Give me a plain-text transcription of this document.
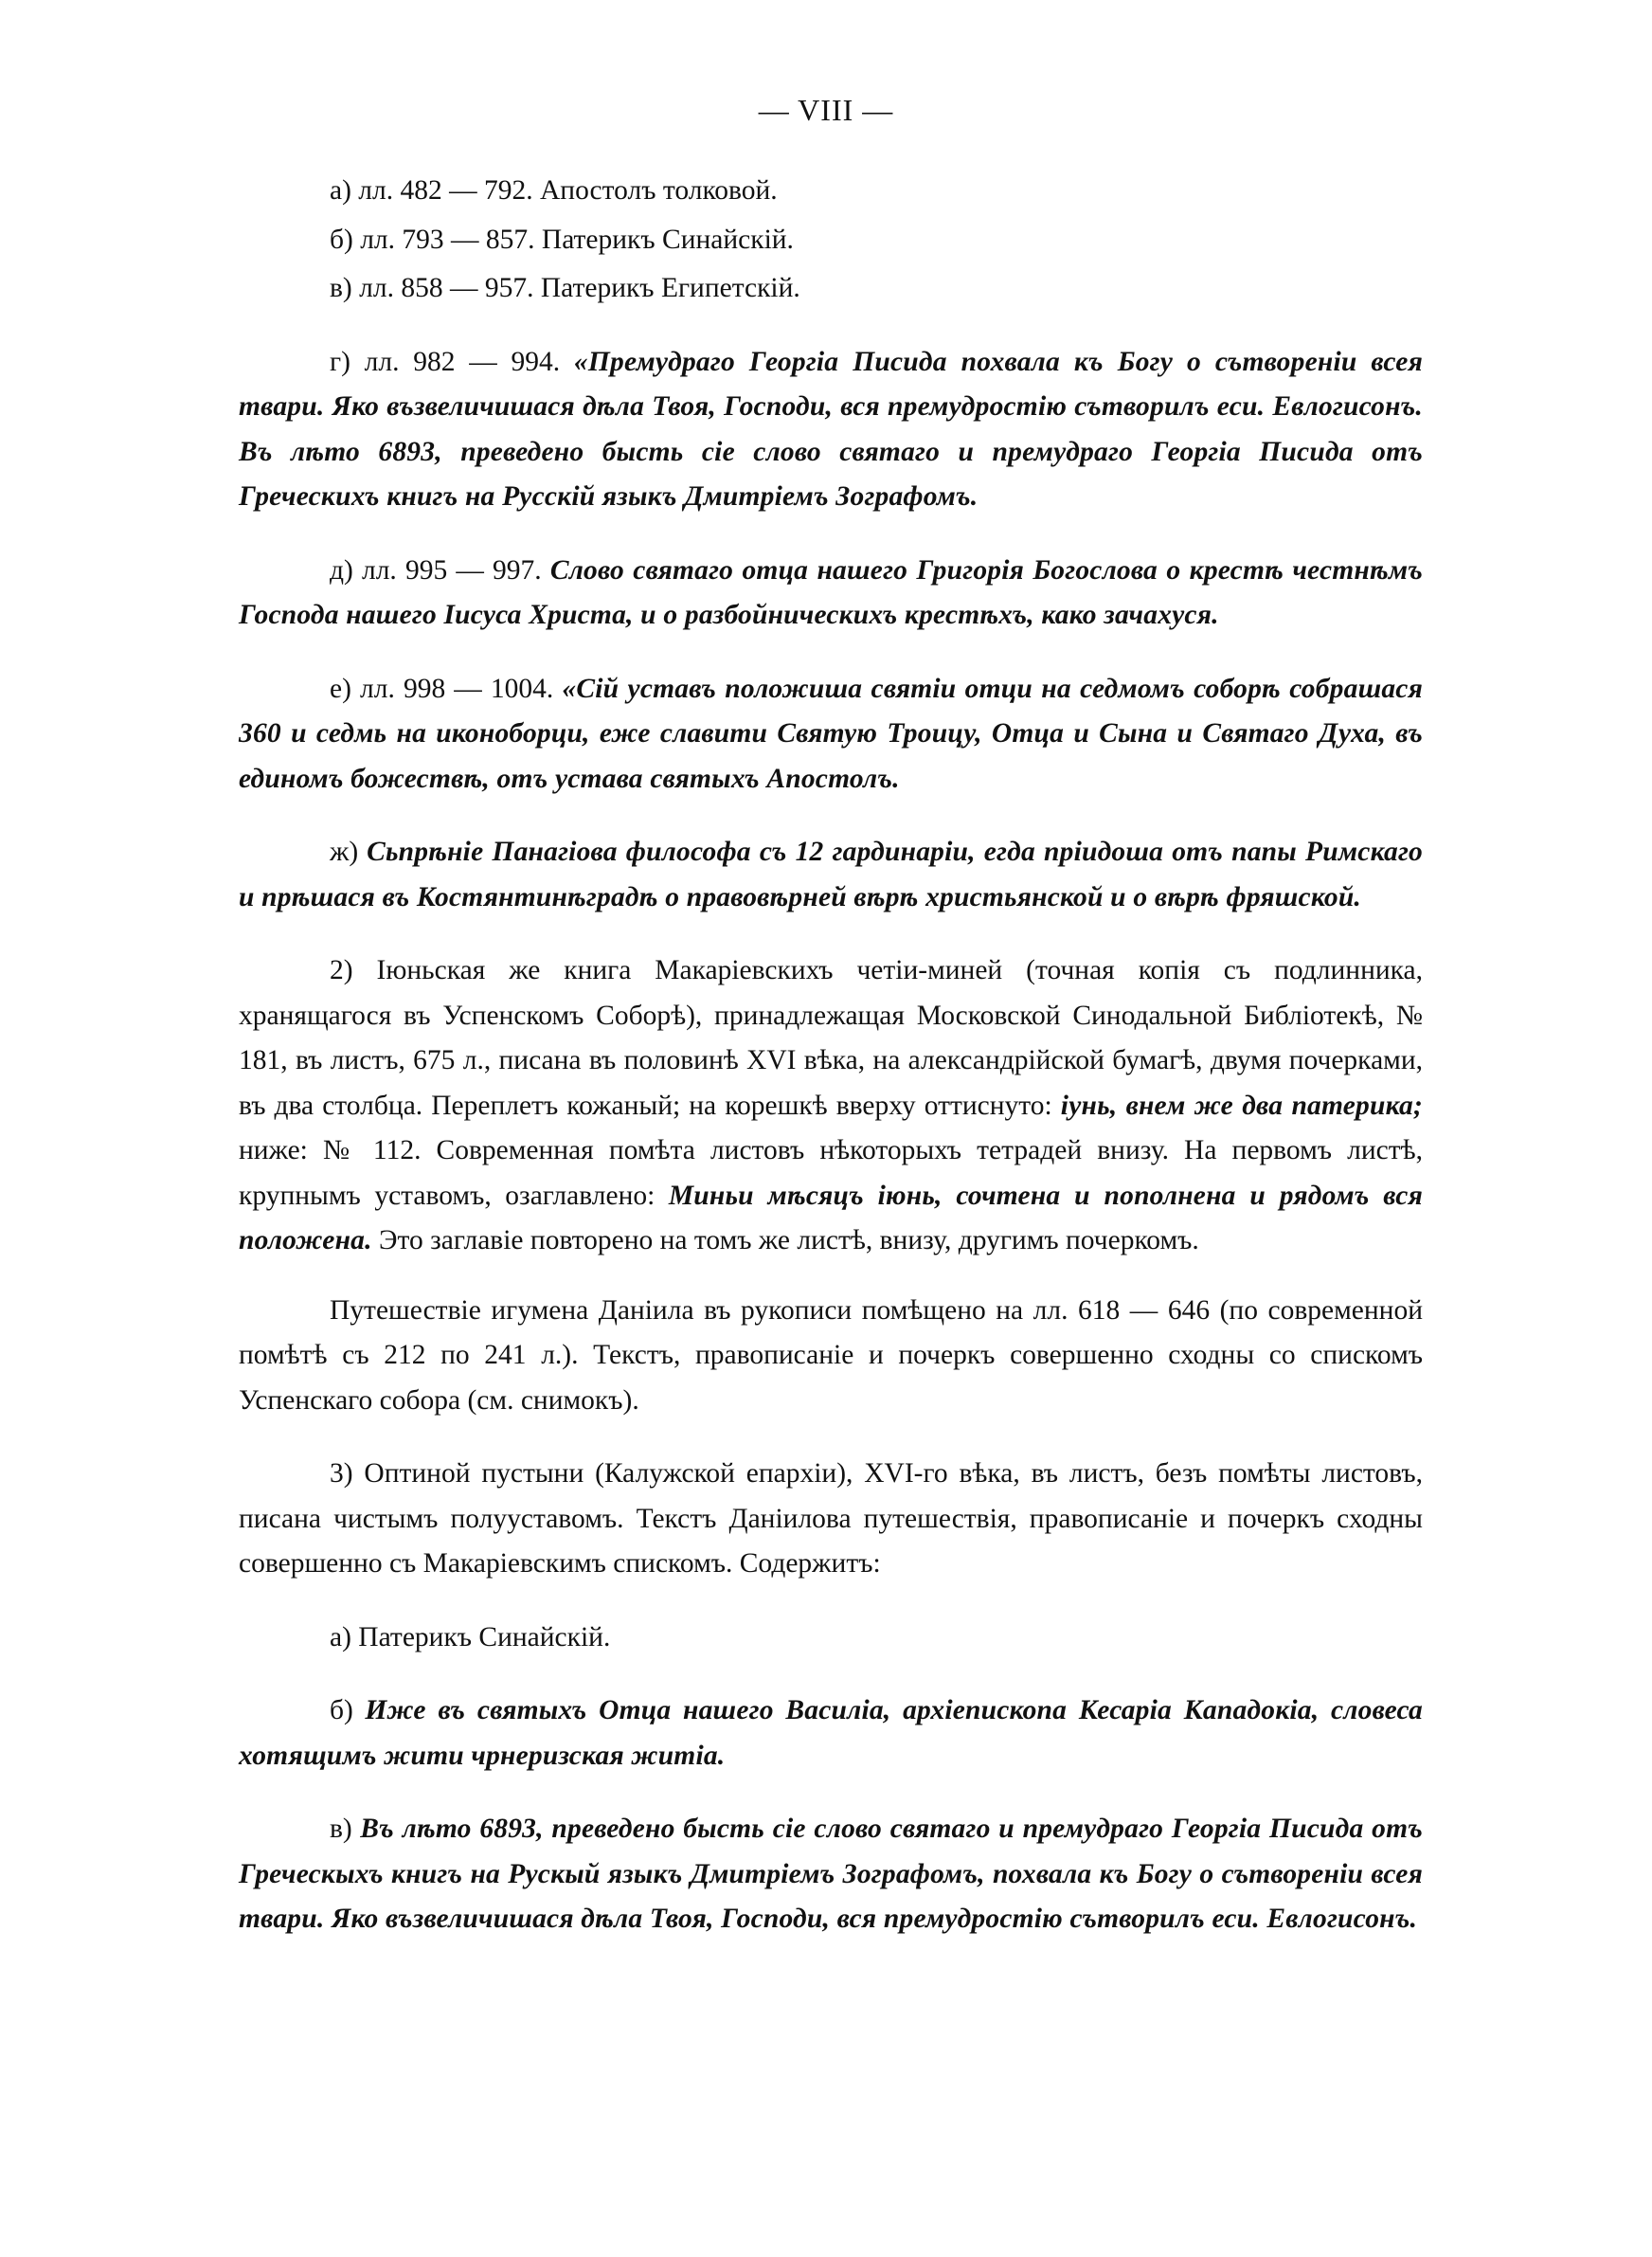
— VIII —

а) лл. 482 — 792. Апостолъ толковой.

б) лл. 793 — 857. Патерикъ Синайскій.

в) лл. 858 — 957. Патерикъ Египетскій.

г) лл. 982 — 994. «Премудраго Георгіа Писида похвала къ Богу о сътвореніи всея твари. Яко възвеличишася дѣла Твоя, Господи, вся премудростію сътворилъ еси. Евлогисонъ. Въ лѣто 6893, преведено бысть сіе слово святаго и премудраго Георгіа Писида отъ Греческихъ книгъ на Русскій языкъ Дмитріемъ Зографомъ.

д) лл. 995 — 997. Слово святаго отца нашего Григорія Богослова о крестѣ честнѣмъ Господа нашего Іисуса Христа, и о разбойническихъ крестѣхъ, како зачахуся.

е) лл. 998 — 1004. «Сій уставъ положиша святіи отци на седмомъ соборѣ собрашася 360 и седмь на иконоборци, еже славити Святую Троицу, Отца и Сына и Святаго Духа, въ единомъ божествѣ, отъ устава святыхъ Апостолъ.

ж) Сьпрѣніе Панагіова философа съ 12 гардинаріи, егда пріидоша отъ папы Римскаго и прѣшася въ Костянтинѣградѣ о правовѣрней вѣрѣ христьянской и о вѣрѣ фряшской.

2) Іюньская же книга Макаріевскихъ четіи-миней (точная копія съ подлинника, хранящагося въ Успенскомъ Соборѣ), принадлежащая Московской Синодальной Библіотекѣ, № 181, въ листъ, 675 л., писана въ половинѣ XVI вѣка, на александрійской бумагѣ, двумя почерками, въ два столбца. Переплетъ кожаный; на корешкѣ вверху оттиснуто: іунь, внем же два патерика; ниже: № 112. Современная помѣта листовъ нѣкоторыхъ тетрадей внизу. На первомъ листѣ, крупнымъ уставомъ, озаглавлено: Миньи мѣсяцъ іюнь, сочтена и пополнена и рядомъ вся положена. Это заглавіе повторено на томъ же листѣ, внизу, другимъ почеркомъ.

Путешествіе игумена Даніила въ рукописи помѣщено на лл. 618 — 646 (по современной помѣтѣ съ 212 по 241 л.). Текстъ, правописаніе и почеркъ совершенно сходны со спискомъ Успенскаго собора (см. снимокъ).

3) Оптиной пустыни (Калужской епархіи), XVI-го вѣка, въ листъ, безъ помѣты листовъ, писана чистымъ полууставомъ. Текстъ Даніилова путешествія, правописаніе и почеркъ сходны совершенно съ Макаріевскимъ спискомъ. Содержитъ:

а) Патерикъ Синайскій.

б) Иже въ святыхъ Отца нашего Василіа, архіепископа Кесаріа Кападокіа, словеса хотящимъ жити чрнеризская житіа.

в) Въ лѣто 6893, преведено бысть сіе слово святаго и премудраго Георгіа Писида отъ Греческыхъ книгъ на Рускый языкъ Дмитріемъ Зографомъ, похвала къ Богу о сътвореніи всея твари. Яко възвеличишася дѣла Твоя, Господи, вся премудростію сътворилъ еси. Евлогисонъ.
